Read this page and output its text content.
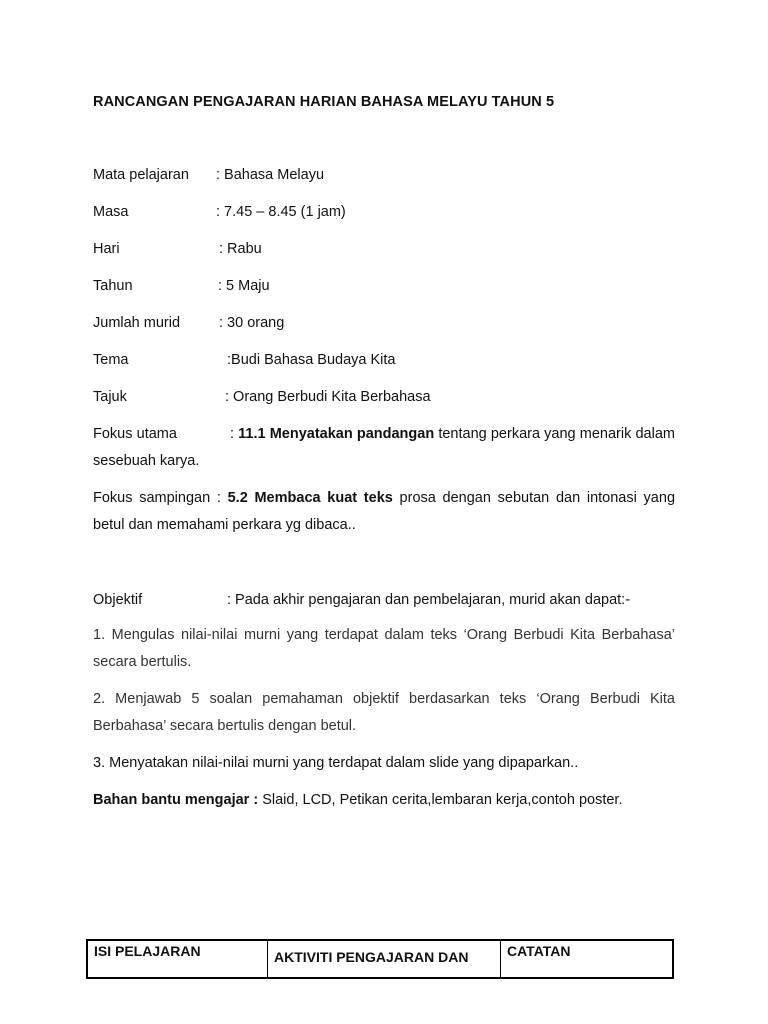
RANCANGAN PENGAJARAN HARIAN BAHASA MELAYU TAHUN 5
Mata pelajaran : Bahasa Melayu
Masa	: 7.45 – 8.45 (1 jam)
Hari	: Rabu
Tahun	: 5 Maju
Jumlah murid	: 30 orang
Tema	:Budi Bahasa Budaya Kita
Tajuk	: Orang Berbudi Kita Berbahasa
Fokus utama	: 11.1 Menyatakan pandangan tentang perkara yang menarik dalam sesebuah karya.
Fokus sampingan : 5.2 Membaca kuat teks prosa dengan sebutan dan intonasi yang betul dan memahami perkara yg dibaca..
Objektif	: Pada akhir pengajaran dan pembelajaran, murid akan dapat:-
1. Mengulas nilai-nilai murni yang terdapat dalam teks ‘Orang Berbudi Kita Berbahasa’ secara bertulis.
2. Menjawab 5 soalan pemahaman objektif berdasarkan teks ‘Orang Berbudi Kita Berbahasa’ secara bertulis dengan betul.
3. Menyatakan nilai-nilai murni yang terdapat dalam slide yang dipaparkan..
Bahan bantu mengajar : Slaid, LCD, Petikan cerita,lembaran kerja,contoh poster.
ISI PELAJARAN	AKTIVITI PENGAJARAN DAN	CATATAN
